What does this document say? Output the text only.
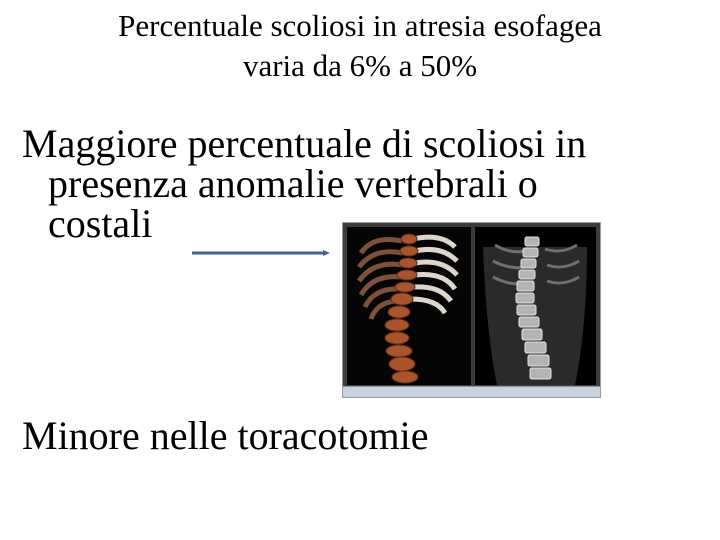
Percentuale scoliosi in atresia esofagea
varia da 6% a 50%
Maggiore percentuale di scoliosi in
presenza anomalie vertebrali o
costali
Minore nelle toracotomie
